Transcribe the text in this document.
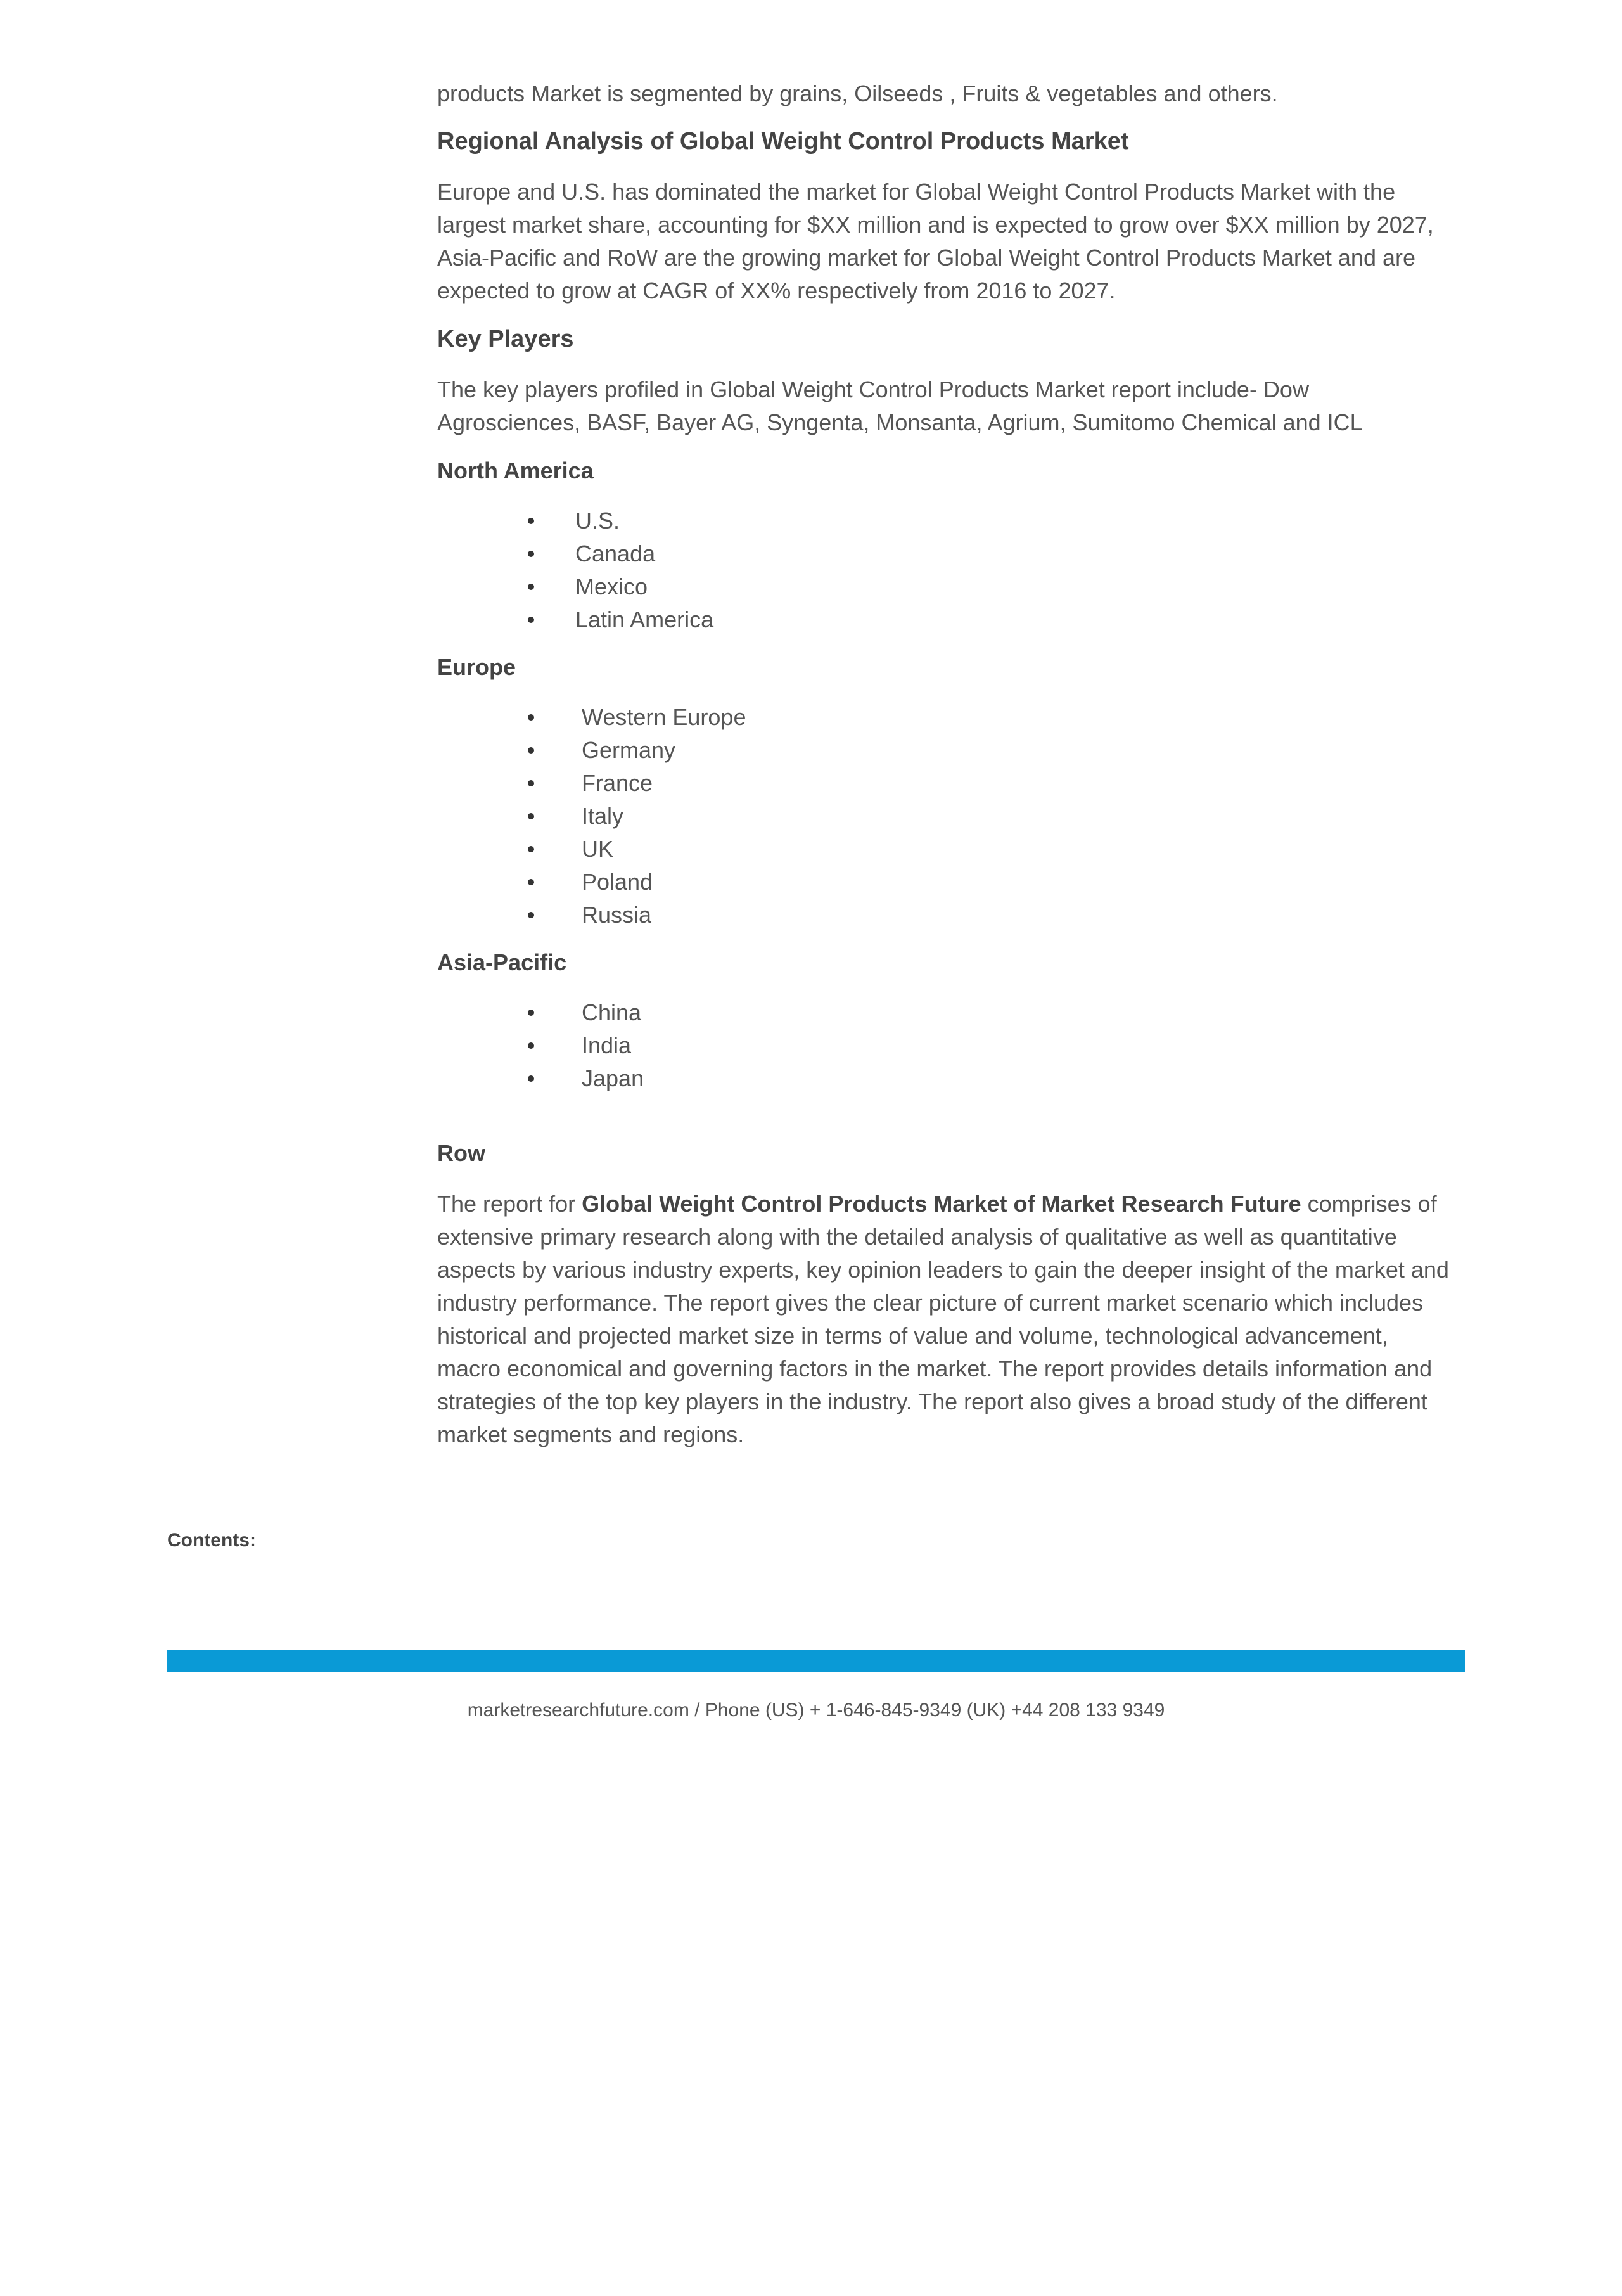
products Market is segmented by grains, Oilseeds , Fruits & vegetables and others.

Regional Analysis of Global Weight Control Products Market
Europe and U.S. has dominated the market for Global Weight Control Products Market with the
largest market share, accounting for $XX million and is expected to grow over $XX million by 2027,
Asia-Pacific and RoW are the growing market for Global Weight Control Products Market and are
expected to grow at CAGR of XX% respectively from 2016 to 2027.
Key Players
The key players profiled in Global Weight Control Products Market report include- Dow
Agrosciences, BASF, Bayer AG, Syngenta, Monsanta, Agrium, Sumitomo Chemical and ICL
North America
U.S.
Canada
Mexico
Latin America
Europe
Western Europe
Germany
France
Italy
UK
Poland
Russia
Asia-Pacific
China
India
Japan
Row
The report for Global Weight Control Products Market of Market Research Future comprises of
extensive primary research along with the detailed analysis of qualitative as well as quantitative
aspects by various industry experts, key opinion leaders to gain the deeper insight of the market and
industry performance. The report gives the clear picture of current market scenario which includes
historical and projected market size in terms of value and volume, technological advancement,
macro economical and governing factors in the market. The report provides details information and
strategies of the top key players in the industry. The report also gives a broad study of the different
market segments and regions.
Contents:
marketresearchfuture.com / Phone (US) + 1-646-845-9349 (UK) +44 208 133 9349
